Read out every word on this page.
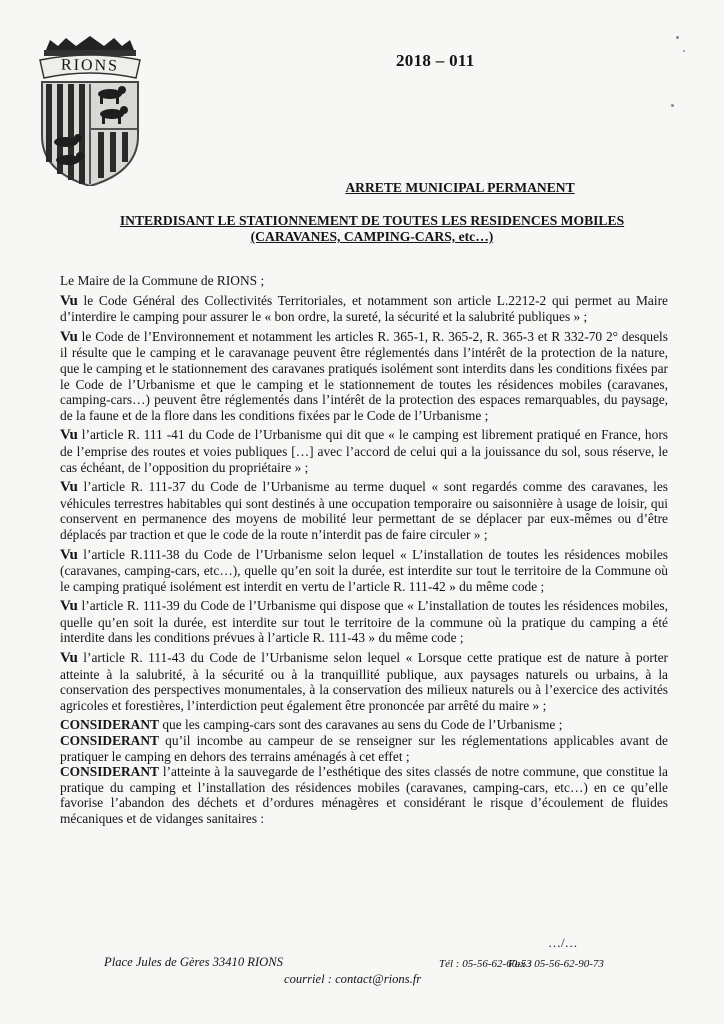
RIONS	2018 – 011
ARRETE MUNICIPAL PERMANENT
INTERDISANT LE STATIONNEMENT DE TOUTES LES RESIDENCES MOBILES
(CARAVANES, CAMPING-CARS, etc…)

Le Maire de la Commune de RIONS ;

Vu le Code Général des Collectivités Territoriales, et notamment son article L.2212-2 qui permet au Maire d’interdire le camping pour assurer le « bon ordre, la sureté, la sécurité et la salubrité publiques » ;

Vu le Code de l’Environnement et notamment les articles R. 365-1, R. 365-2, R. 365-3 et R 332-70 2° desquels il résulte que le camping et le caravanage peuvent être réglementés dans l’intérêt de la protection de la nature, que le camping et le stationnement des caravanes pratiqués isolément sont interdits dans les conditions fixées par le Code de l’Urbanisme et que le camping et le stationnement de toutes les résidences mobiles (caravanes, camping-cars…) peuvent être réglementés dans l’intérêt de la protection des espaces remarquables, du paysage, de la faune et de la flore dans les conditions fixées par le Code de l’Urbanisme ;

Vu l’article R. 111 -41 du Code de l’Urbanisme qui dit que « le camping est librement pratiqué en France, hors de l’emprise des routes et voies publiques […] avec l’accord de celui qui a la jouissance du sol, sous réserve, le cas échéant, de l’opposition du propriétaire » ;

Vu l’article R. 111-37 du Code de l’Urbanisme au terme duquel « sont regardés comme des caravanes, les véhicules terrestres habitables qui sont destinés à une occupation temporaire ou saisonnière à usage de loisir, qui conservent en permanence des moyens de mobilité leur permettant de se déplacer par eux-mêmes ou d’être déplacés par traction et que le code de la route n’interdit pas de faire circuler » ;

Vu l’article R.111-38 du Code de l’Urbanisme selon lequel « L’installation de toutes les résidences mobiles (caravanes, camping-cars, etc…), quelle qu’en soit la durée, est interdite sur tout le territoire de la Commune où le camping pratiqué isolément est interdit en vertu de l’article R. 111-42 » du même code ;

Vu l’article R. 111-39 du Code de l’Urbanisme qui dispose que « L’installation de toutes les résidences mobiles, quelle qu’en soit la durée, est interdite sur tout le territoire de la commune où la pratique du camping a été interdite dans les conditions prévues à l’article R. 111-43 » du même code ;

Vu l’article R. 111-43 du Code de l’Urbanisme selon lequel « Lorsque cette pratique est de nature à porter atteinte à la salubrité, à la sécurité ou à la tranquillité publique, aux paysages naturels ou urbains, à la conservation des perspectives monumentales, à la conservation des milieux naturels ou à l’exercice des activités agricoles et forestières, l’interdiction peut également être prononcée par arrêté du maire » ;

CONSIDERANT que les camping-cars sont des caravanes au sens du Code de l’Urbanisme ;

CONSIDERANT qu’il incombe au campeur de se renseigner sur les réglementations applicables avant de pratiquer le camping en dehors des terrains aménagés à cet effet ;

CONSIDERANT l’atteinte à la sauvegarde de l’esthétique des sites classés de notre commune, que constitue la pratique du camping et l’installation des résidences mobiles (caravanes, camping-cars, etc…) en ce qu’elle favorise l’abandon des déchets et d’ordures ménagères et considérant le risque d’écoulement de fluides mécaniques et de vidanges sanitaires :

…/…
Place Jules de Gères 33410 RIONS	Tél : 05-56-62-60-53
Fax : 05-56-62-90-73
courriel : contact@rions.fr
